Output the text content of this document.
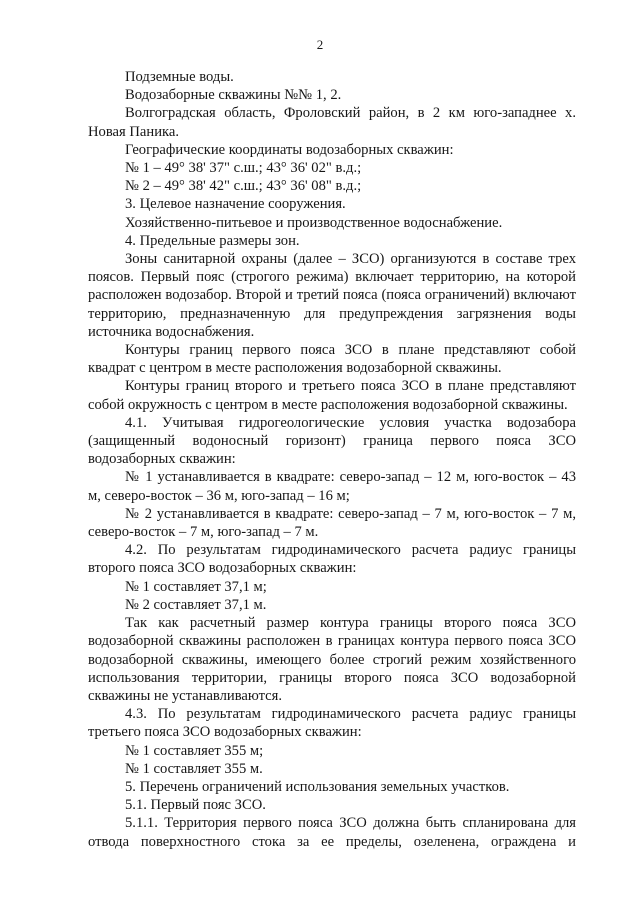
2

Подземные воды.

Водозаборные скважины №№ 1, 2.

Волгоградская область, Фроловский район, в 2 км юго-западнее х. Новая Паника.

Географические координаты водозаборных скважин:

№ 1 – 49° 38' 37" с.ш.; 43° 36' 02" в.д.;

№ 2 – 49° 38' 42" с.ш.; 43° 36' 08" в.д.;

3. Целевое назначение сооружения.

Хозяйственно-питьевое и производственное водоснабжение.

4. Предельные размеры зон.

Зоны санитарной охраны (далее – ЗСО) организуются в составе трех поясов. Первый пояс (строгого режима) включает территорию, на которой расположен водозабор. Второй и третий пояса (пояса ограничений) включают территорию, предназначенную для предупреждения загрязнения воды источника водоснабжения.

Контуры границ первого пояса ЗСО в плане представляют собой квадрат с центром в месте расположения водозаборной скважины.

Контуры границ второго и третьего пояса ЗСО в плане представляют собой окружность с центром в месте расположения водозаборной скважины.

4.1. Учитывая гидрогеологические условия участка водозабора (защищенный водоносный горизонт) граница первого пояса ЗСО водозаборных скважин:

№ 1 устанавливается в квадрате: северо-запад – 12 м, юго-восток – 43 м, северо-восток – 36 м, юго-запад – 16 м;

№ 2 устанавливается в квадрате: северо-запад – 7 м, юго-восток – 7 м, северо-восток – 7 м, юго-запад – 7 м.

4.2. По результатам гидродинамического расчета радиус границы второго пояса ЗСО водозаборных скважин:

№ 1 составляет 37,1 м;

№ 2 составляет 37,1 м.

Так как расчетный размер контура границы второго пояса ЗСО водозаборной скважины расположен в границах контура первого пояса ЗСО водозаборной скважины, имеющего более строгий режим хозяйственного использования территории, границы второго пояса ЗСО водозаборной скважины не устанавливаются.

4.3. По результатам гидродинамического расчета радиус границы третьего пояса ЗСО водозаборных скважин:

№ 1 составляет 355 м;

№ 1 составляет 355 м.

5. Перечень ограничений использования земельных участков.

5.1. Первый пояс ЗСО.

5.1.1. Территория первого пояса ЗСО должна быть спланирована для отвода поверхностного стока за ее пределы, озеленена, ограждена и
